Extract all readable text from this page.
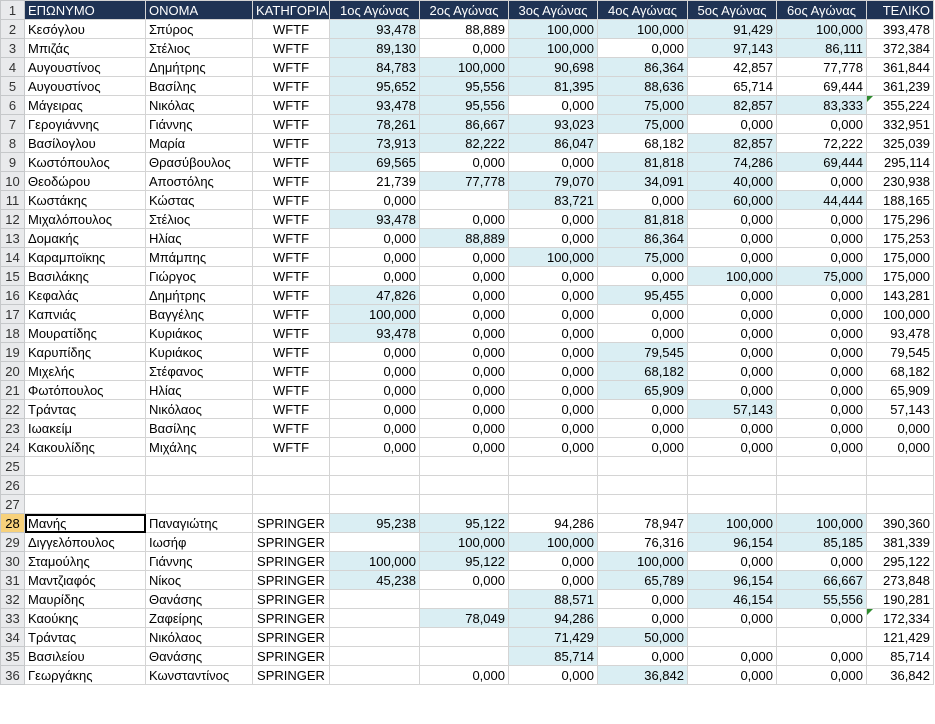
1	ΕΠΩΝΥΜΟ	ΟΝΟΜΑ	ΚΑΤΗΓΟΡΙΑ	1ος Αγώνας	2ος Αγώνας	3ος Αγώνας	4ος Αγώνας	5ος Αγώνας	6ος Αγώνας	ΤΕΛΙΚΟ
2	Κεσόγλου	Σπύρος	WFTF	93,478	88,889	100,000	100,000	91,429	100,000	393,478
3	Μπιζάς	Στέλιος	WFTF	89,130	0,000	100,000	0,000	97,143	86,111	372,384
4	Αυγουστίνος	Δημήτρης	WFTF	84,783	100,000	90,698	86,364	42,857	77,778	361,844
5	Αυγουστίνος	Βασίλης	WFTF	95,652	95,556	81,395	88,636	65,714	69,444	361,239
6	Μάγειρας	Νικόλας	WFTF	93,478	95,556	0,000	75,000	82,857	83,333	355,224
7	Γερογιάννης	Γιάννης	WFTF	78,261	86,667	93,023	75,000	0,000	0,000	332,951
8	Βασίλογλου	Μαρία	WFTF	73,913	82,222	86,047	68,182	82,857	72,222	325,039
9	Κωστόπουλος	Θρασύβουλος	WFTF	69,565	0,000	0,000	81,818	74,286	69,444	295,114
10	Θεοδώρου	Αποστόλης	WFTF	21,739	77,778	79,070	34,091	40,000	0,000	230,938
11	Κωστάκης	Κώστας	WFTF	0,000		83,721	0,000	60,000	44,444	188,165
12	Μιχαλόπουλος	Στέλιος	WFTF	93,478	0,000	0,000	81,818	0,000	0,000	175,296
13	Δομακής	Ηλίας	WFTF	0,000	88,889	0,000	86,364	0,000	0,000	175,253
14	Καραμποϊκης	Μπάμπης	WFTF	0,000	0,000	100,000	75,000	0,000	0,000	175,000
15	Βασιλάκης	Γιώργος	WFTF	0,000	0,000	0,000	0,000	100,000	75,000	175,000
16	Κεφαλάς	Δημήτρης	WFTF	47,826	0,000	0,000	95,455	0,000	0,000	143,281
17	Καπνιάς	Βαγγέλης	WFTF	100,000	0,000	0,000	0,000	0,000	0,000	100,000
18	Μουρατίδης	Κυριάκος	WFTF	93,478	0,000	0,000	0,000	0,000	0,000	93,478
19	Καρυπίδης	Κυριάκος	WFTF	0,000	0,000	0,000	79,545	0,000	0,000	79,545
20	Μιχελής	Στέφανος	WFTF	0,000	0,000	0,000	68,182	0,000	0,000	68,182
21	Φωτόπουλος	Ηλίας	WFTF	0,000	0,000	0,000	65,909	0,000	0,000	65,909
22	Τράντας	Νικόλαος	WFTF	0,000	0,000	0,000	0,000	57,143	0,000	57,143
23	Ιωακείμ	Βασίλης	WFTF	0,000	0,000	0,000	0,000	0,000	0,000	0,000
24	Κακουλίδης	Μιχάλης	WFTF	0,000	0,000	0,000	0,000	0,000	0,000	0,000
25										
26										
27										
28	Μανής	Παναγιώτης	SPRINGER	95,238	95,122	94,286	78,947	100,000	100,000	390,360
29	Διγγελόπουλος	Ιωσήφ	SPRINGER		100,000	100,000	76,316	96,154	85,185	381,339
30	Σταμούλης	Γιάννης	SPRINGER	100,000	95,122	0,000	100,000	0,000	0,000	295,122
31	Μαντζιαφός	Νίκος	SPRINGER	45,238	0,000	0,000	65,789	96,154	66,667	273,848
32	Μαυρίδης	Θανάσης	SPRINGER			88,571	0,000	46,154	55,556	190,281
33	Καούκης	Ζαφείρης	SPRINGER		78,049	94,286	0,000	0,000	0,000	172,334
34	Τράντας	Νικόλαος	SPRINGER			71,429	50,000			121,429
35	Βασιλείου	Θανάσης	SPRINGER			85,714	0,000	0,000	0,000	85,714
36	Γεωργάκης	Κωνσταντίνος	SPRINGER		0,000	0,000	36,842	0,000	0,000	36,842
